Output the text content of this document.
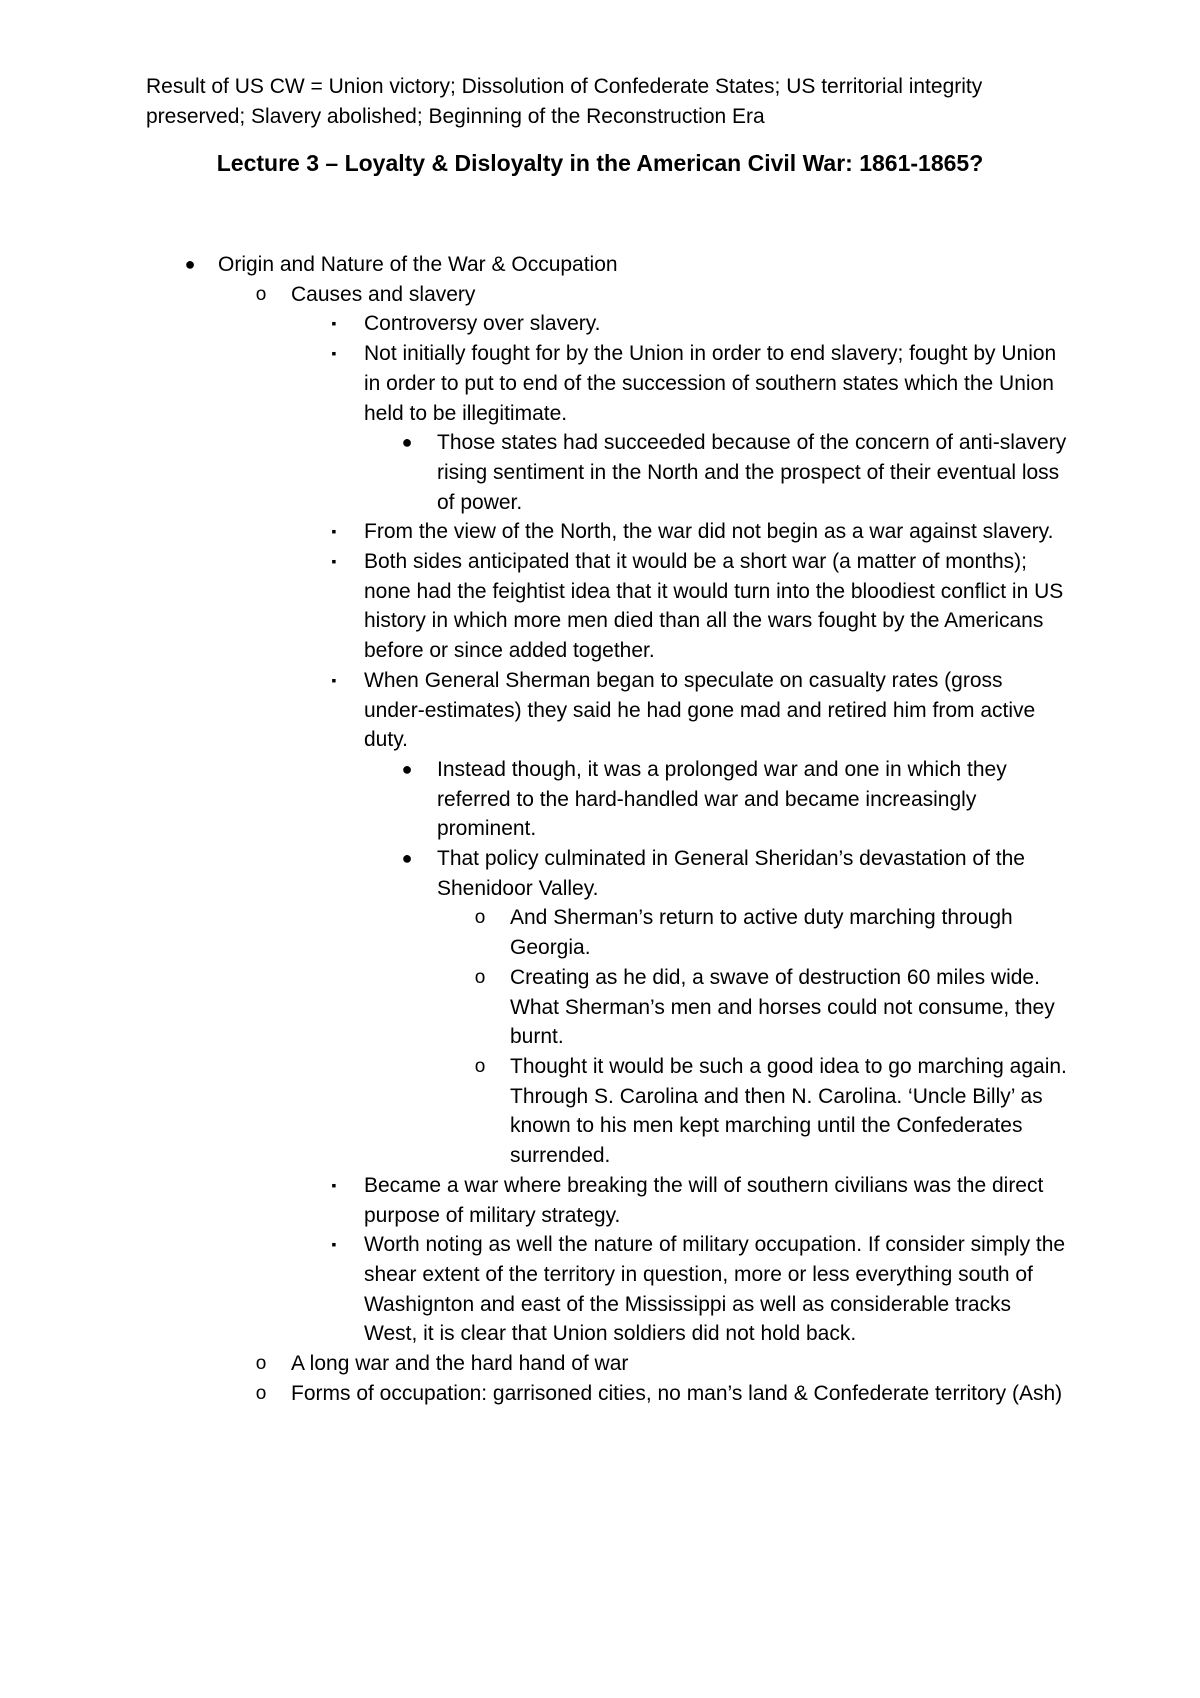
Result of US CW = Union victory; Dissolution of Confederate States; US territorial integrity preserved; Slavery abolished; Beginning of the Reconstruction Era

Lecture 3 – Loyalty & Disloyalty in the American Civil War: 1861-1865?
● Origin and Nature of the War & Occupation
o Causes and slavery
▪	Controversy over slavery.
▪	Not initially fought for by the Union in order to end slavery; fought by Union in order to put to end of the succession of southern states which the Union held to be illegitimate.
● Those states had succeeded because of the concern of anti-slavery rising sentiment in the North and the prospect of their eventual loss of power.
▪	From the view of the North, the war did not begin as a war against slavery.
▪	Both sides anticipated that it would be a short war (a matter of months); none had the feightist idea that it would turn into the bloodiest conflict in US history in which more men died than all the wars fought by the Americans before or since added together.
▪	When General Sherman began to speculate on casualty rates (gross under-estimates) they said he had gone mad and retired him from active duty.
● Instead though, it was a prolonged war and one in which they referred to the hard-handled war and became increasingly prominent.
● That policy culminated in General Sheridan’s devastation of the Shenidoor Valley.
o And Sherman’s return to active duty marching through Georgia.
o Creating as he did, a swave of destruction 60 miles wide. What Sherman’s men and horses could not consume, they burnt.
o Thought it would be such a good idea to go marching again. Through S. Carolina and then N. Carolina. ‘Uncle Billy’ as known to his men kept marching until the Confederates surrended.
▪	Became a war where breaking the will of southern civilians was the direct purpose of military strategy.
▪	Worth noting as well the nature of military occupation. If consider simply the shear extent of the territory in question, more or less everything south of Washignton and east of the Mississippi as well as considerable tracks West, it is clear that Union soldiers did not hold back.
o A long war and the hard hand of war
o Forms of occupation: garrisoned cities, no man’s land & Confederate territory (Ash)
